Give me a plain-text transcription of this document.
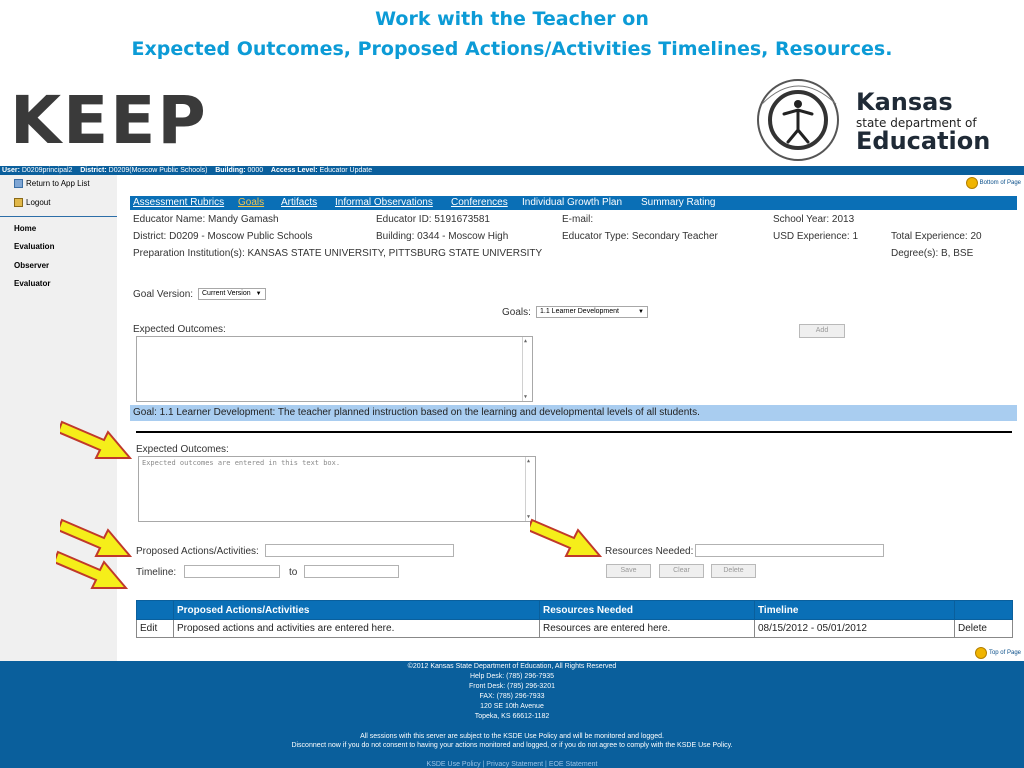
Work with the Teacher on
Expected Outcomes, Proposed Actions/Activities Timelines, Resources.
KEEP	Kansas
state department of
Education
User: D0209principal2 District: D0209(Moscow Public Schools) Building: 0000 Access Level: Educator Update
Return to App List
Logout
Home
Evaluation
Observer
Evaluator
Bottom of Page
Assessment Rubrics Goals Artifacts Informal Observations Conferences Individual Growth Plan Summary Rating
Educator Name: Mandy Gamash	Educator ID: 5191673581	E-mail:	School Year: 2013
District: D0209 - Moscow Public Schools	Building: 0344 - Moscow High	Educator Type: Secondary Teacher	USD Experience: 1	Total Experience: 20
Preparation Institution(s): KANSAS STATE UNIVERSITY, PITTSBURG STATE UNIVERSITY	Degree(s): B, BSE
Goal Version:	Current Version ▼
Goals:	1.1 Learner Development	▼
Expected Outcomes:	Add
▲
▼
Goal: 1.1 Learner Development: The teacher planned instruction based on the learning and developmental levels of all students.
Expected Outcomes:
Expected outcomes are entered in this text box.	▲
▼
Proposed Actions/Activities:
Timeline:	to
Resources Needed:
Save	Clear	Delete
	Proposed Actions/Activities	Resources Needed	Timeline	
Edit	Proposed actions and activities are entered here.	Resources are entered here.	08/15/2012 - 05/01/2012	Delete
Top of Page
©2012 Kansas State Department of Education, All Rights Reserved
Help Desk: (785) 296-7935
Front Desk: (785) 296-3201
FAX: (785) 296-7933
120 SE 10th Avenue
Topeka, KS 66612-1182
All sessions with this server are subject to the KSDE Use Policy and will be monitored and logged.
Disconnect now if you do not consent to having your actions monitored and logged, or if you do not agree to comply with the KSDE Use Policy.
KSDE Use Policy | Privacy Statement | EOE Statement
